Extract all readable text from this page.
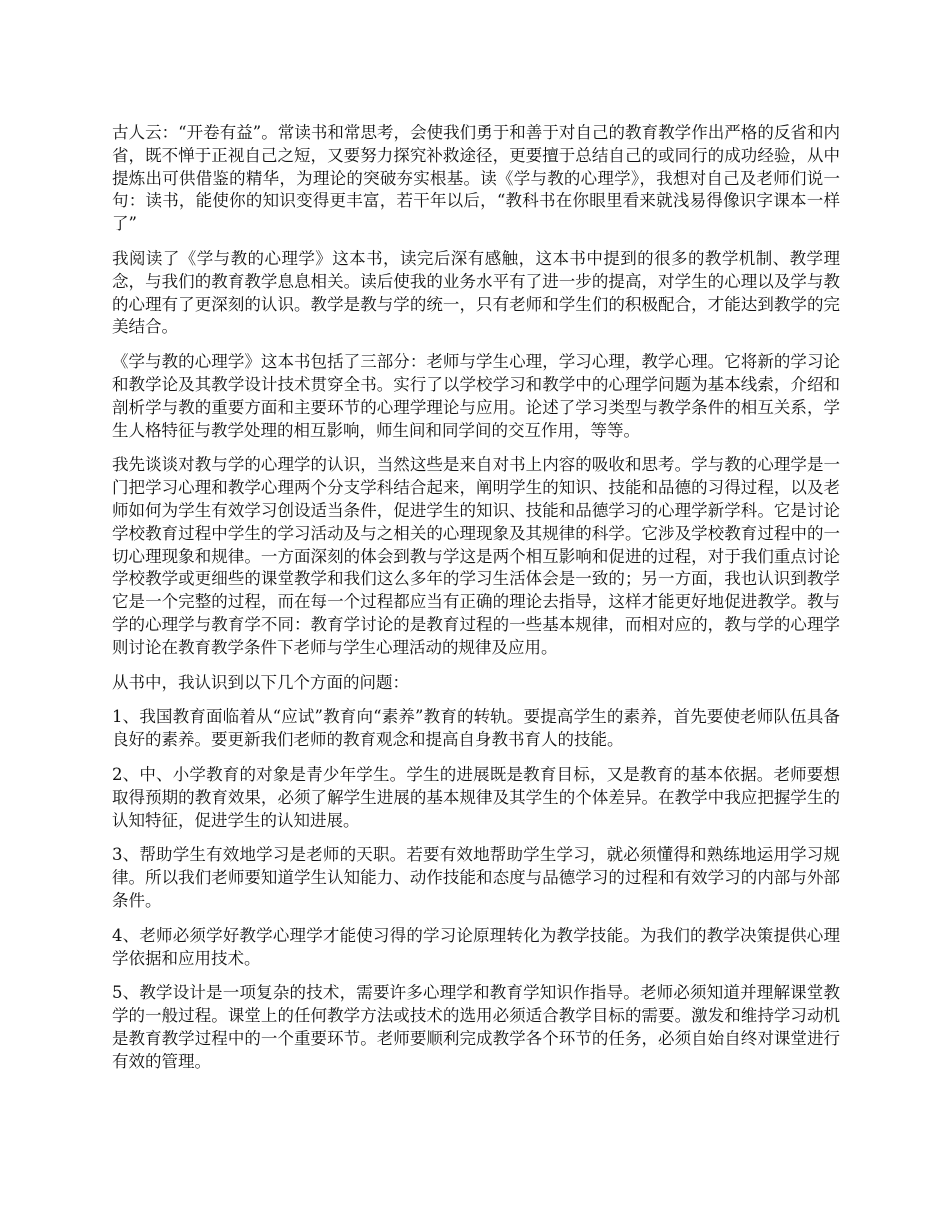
古人云：“开卷有益”。常读书和常思考，会使我们勇于和善于对自己的教育教学作出严格的反省和内省，既不惮于正视自己之短，又要努力探究补救途径，更要擅于总结自己的或同行的成功经验，从中提炼出可供借鉴的精华，为理论的突破夯实根基。读《学与教的心理学》，我想对自己及老师们说一句：读书，能使你的知识变得更丰富，若干年以后，“教科书在你眼里看来就浅易得像识字课本一样了”

我阅读了《学与教的心理学》这本书，读完后深有感触，这本书中提到的很多的教学机制、教学理念，与我们的教育教学息息相关。读后使我的业务水平有了进一步的提高，对学生的心理以及学与教的心理有了更深刻的认识。教学是教与学的统一，只有老师和学生们的积极配合，才能达到教学的完美结合。

《学与教的心理学》这本书包括了三部分：老师与学生心理，学习心理，教学心理。它将新的学习论和教学论及其教学设计技术贯穿全书。实行了以学校学习和教学中的心理学问题为基本线索，介绍和剖析学与教的重要方面和主要环节的心理学理论与应用。论述了学习类型与教学条件的相互关系，学生人格特征与教学处理的相互影响，师生间和同学间的交互作用，等等。

我先谈谈对教与学的心理学的认识，当然这些是来自对书上内容的吸收和思考。学与教的心理学是一门把学习心理和教学心理两个分支学科结合起来，阐明学生的知识、技能和品德的习得过程，以及老师如何为学生有效学习创设适当条件，促进学生的知识、技能和品德学习的心理学新学科。它是讨论学校教育过程中学生的学习活动及与之相关的心理现象及其规律的科学。它涉及学校教育过程中的一切心理现象和规律。一方面深刻的体会到教与学这是两个相互影响和促进的过程，对于我们重点讨论学校教学或更细些的课堂教学和我们这么多年的学习生活体会是一致的；另一方面，我也认识到教学它是一个完整的过程，而在每一个过程都应当有正确的理论去指导，这样才能更好地促进教学。教与学的心理学与教育学不同：教育学讨论的是教育过程的一些基本规律，而相对应的，教与学的心理学则讨论在教育教学条件下老师与学生心理活动的规律及应用。

从书中，我认识到以下几个方面的问题：

1、我国教育面临着从“应试”教育向“素养”教育的转轨。要提高学生的素养，首先要使老师队伍具备良好的素养。要更新我们老师的教育观念和提高自身教书育人的技能。

2、中、小学教育的对象是青少年学生。学生的进展既是教育目标，又是教育的基本依据。老师要想取得预期的教育效果，必须了解学生进展的基本规律及其学生的个体差异。在教学中我应把握学生的认知特征，促进学生的认知进展。

3、帮助学生有效地学习是老师的天职。若要有效地帮助学生学习，就必须懂得和熟练地运用学习规律。所以我们老师要知道学生认知能力、动作技能和态度与品德学习的过程和有效学习的内部与外部条件。

4、老师必须学好教学心理学才能使习得的学习论原理转化为教学技能。为我们的教学决策提供心理学依据和应用技术。

5、教学设计是一项复杂的技术，需要许多心理学和教育学知识作指导。老师必须知道并理解课堂教学的一般过程。课堂上的任何教学方法或技术的选用必须适合教学目标的需要。激发和维持学习动机是教育教学过程中的一个重要环节。老师要顺利完成教学各个环节的任务，必须自始自终对课堂进行有效的管理。
